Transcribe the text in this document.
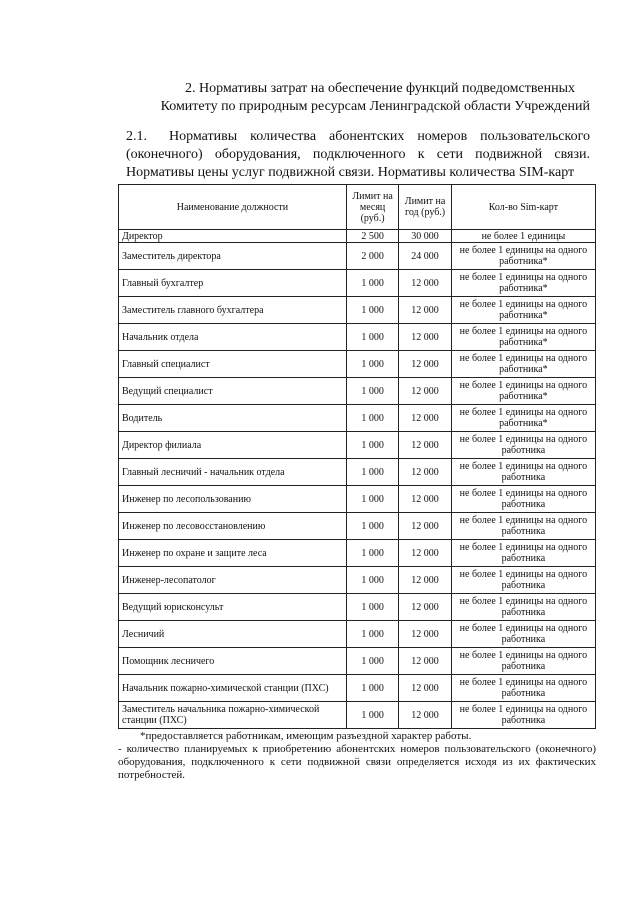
2. Нормативы затрат на обеспечение функций подведомственных
Комитету по природным ресурсам Ленинградской области Учреждений
2.1. Нормативы количества абонентских номеров пользовательского (оконечного) оборудования, подключенного к сети подвижной связи. Нормативы цены услуг подвижной связи. Нормативы количества SIM-карт
Наименование должности	Лимит на месяц (руб.)	Лимит на год (руб.)	Кол-во Sim-карт
Директор	2 500	30 000	не более 1 единицы
Заместитель директора	2 000	24 000	не более 1 единицы на одного работника*
Главный бухгалтер	1 000	12 000	не более 1 единицы на одного работника*
Заместитель главного бухгалтера	1 000	12 000	не более 1 единицы на одного работника*
Начальник отдела	1 000	12 000	не более 1 единицы на одного работника*
Главный специалист	1 000	12 000	не более 1 единицы на одного работника*
Ведущий специалист	1 000	12 000	не более 1 единицы на одного работника*
Водитель	1 000	12 000	не более 1 единицы на одного работника*
Директор филиала	1 000	12 000	не более 1 единицы на одного работника
Главный лесничий - начальник отдела	1 000	12 000	не более 1 единицы на одного работника
Инженер по лесопользованию	1 000	12 000	не более 1 единицы на одного работника
Инженер по лесовосстановлению	1 000	12 000	не более 1 единицы на одного работника
Инженер по охране и защите леса	1 000	12 000	не более 1 единицы на одного работника
Инженер-лесопатолог	1 000	12 000	не более 1 единицы на одного работника
Ведущий юрисконсульт	1 000	12 000	не более 1 единицы на одного работника
Лесничий	1 000	12 000	не более 1 единицы на одного работника
Помощник лесничего	1 000	12 000	не более 1 единицы на одного работника
Начальник пожарно-химической станции (ПХС)	1 000	12 000	не более 1 единицы на одного работника
Заместитель начальника пожарно-химической станции (ПХС)	1 000	12 000	не более 1 единицы на одного работника
*предоставляется работникам, имеющим разъездной характер работы.
- количество планируемых к приобретению абонентских номеров пользовательского (оконечного) оборудования, подключенного к сети подвижной связи определяется исходя из их фактических потребностей.
